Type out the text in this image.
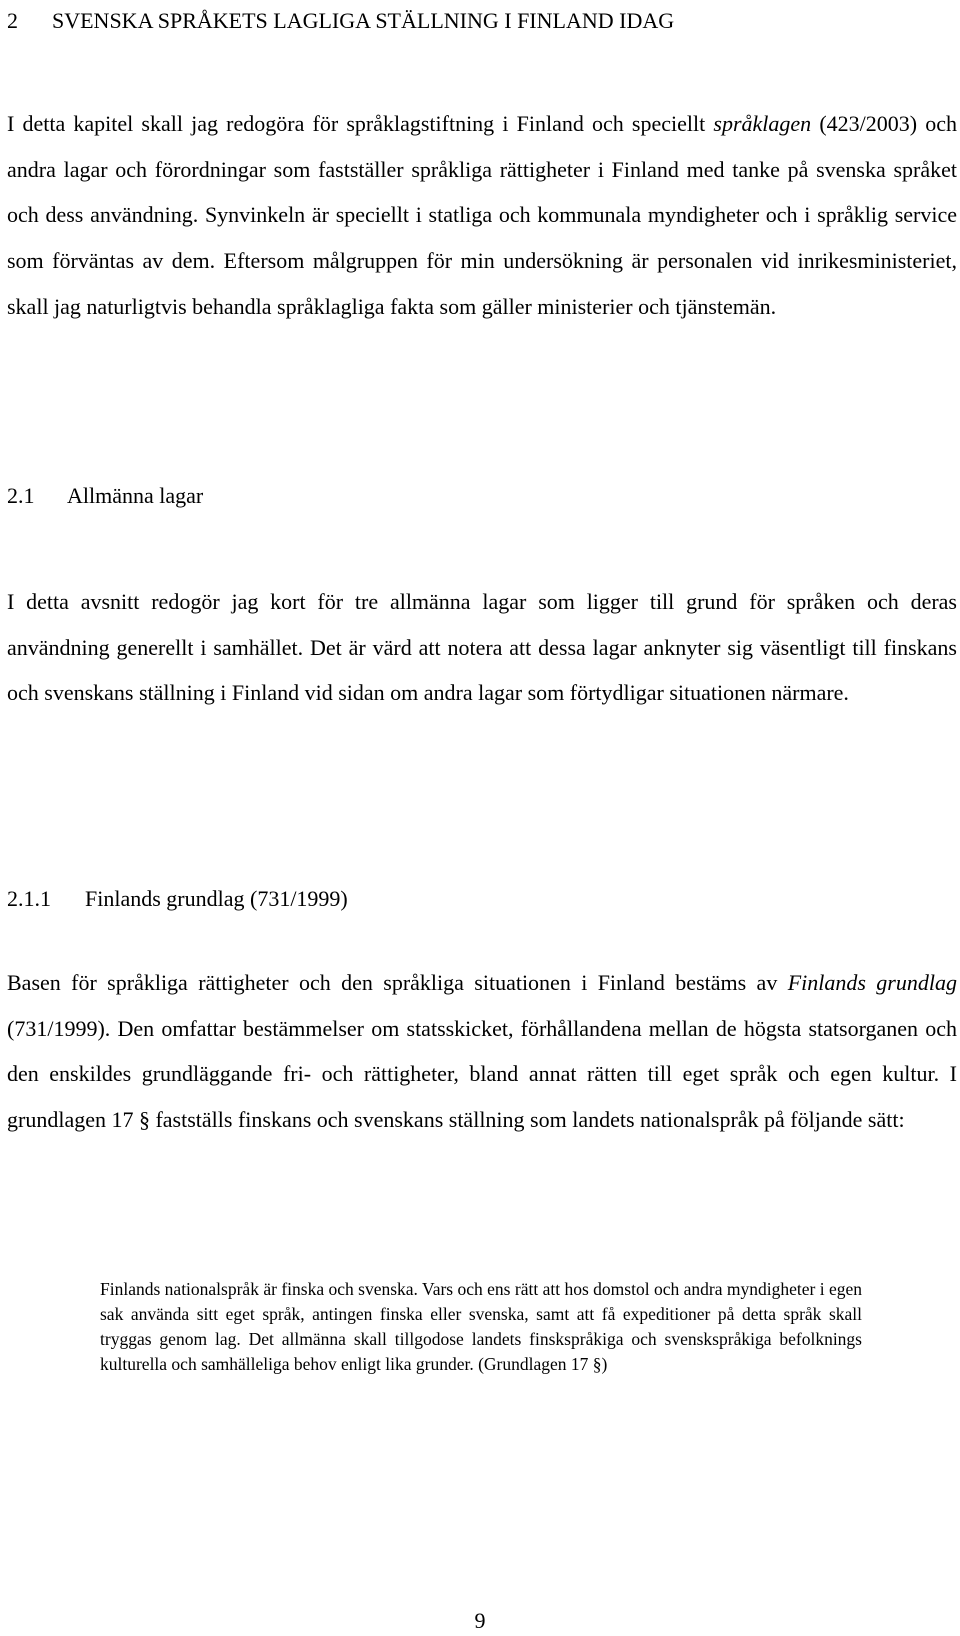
2 SVENSKA SPRÅKETS LAGLIGA STÄLLNING I FINLAND IDAG

I detta kapitel skall jag redogöra för språklagstiftning i Finland och speciellt språklagen (423/2003) och andra lagar och förordningar som fastställer språkliga rättigheter i Finland med tanke på svenska språket och dess användning. Synvinkeln är speciellt i statliga och kommunala myndigheter och i språklig service som förväntas av dem. Eftersom målgruppen för min undersökning är personalen vid inrikesministeriet, skall jag naturligtvis behandla språklagliga fakta som gäller ministerier och tjänstemän.

2.1 Allmänna lagar

I detta avsnitt redogör jag kort för tre allmänna lagar som ligger till grund för språken och deras användning generellt i samhället. Det är värd att notera att dessa lagar anknyter sig väsentligt till finskans och svenskans ställning i Finland vid sidan om andra lagar som förtydligar situationen närmare.

2.1.1 Finlands grundlag (731/1999)

Basen för språkliga rättigheter och den språkliga situationen i Finland bestäms av Finlands grundlag (731/1999). Den omfattar bestämmelser om statsskicket, förhållandena mellan de högsta statsorganen och den enskildes grundläggande fri- och rättigheter, bland annat rätten till eget språk och egen kultur. I grundlagen 17 § fastställs finskans och svenskans ställning som landets nationalspråk på följande sätt:

Finlands nationalspråk är finska och svenska. Vars och ens rätt att hos domstol och andra myndigheter i egen sak använda sitt eget språk, antingen finska eller svenska, samt att få expeditioner på detta språk skall tryggas genom lag. Det allmänna skall tillgodose landets finskspråkiga och svenskspråkiga befolknings kulturella och samhälleliga behov enligt lika grunder. (Grundlagen 17 §)

9
